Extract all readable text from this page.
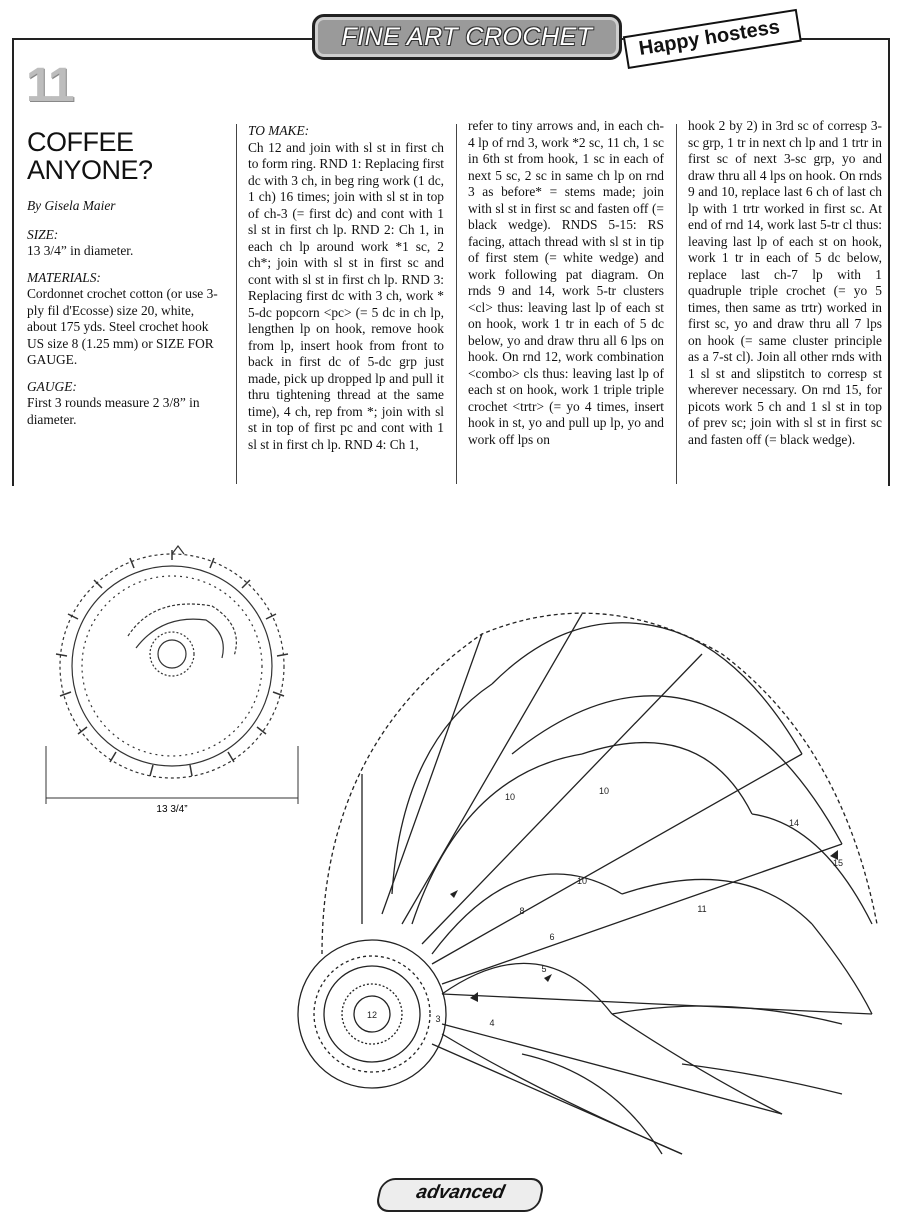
FINE ART CROCHET	Happy hostess
11
COFFEE
ANYONE?
By Gisela Maier
SIZE:
13 3/4” in diameter.
MATERIALS:
Cordonnet crochet cotton (or use 3-ply fil d'Ecosse) size 20, white, about 175 yds. Steel crochet hook US size 8 (1.25 mm) or SIZE FOR GAUGE.
GAUGE:
First 3 rounds measure 2 3/8” in diameter.
TO MAKE:
Ch 12 and join with sl st in first ch to form ring. RND 1: Replacing first dc with 3 ch, in beg ring work (1 dc, 1 ch) 16 times; join with sl st in top of ch-3 (= first dc) and cont with 1 sl st in first ch lp. RND 2: Ch 1, in each ch lp around work *1 sc, 2 ch*; join with sl st in first sc and cont with sl st in first ch lp. RND 3: Replacing first dc with 3 ch, work * 5-dc popcorn <pc> (= 5 dc in ch lp, lengthen lp on hook, remove hook from lp, insert hook from front to back in first dc of 5-dc grp just made, pick up dropped lp and pull it thru tightening thread at the same time), 4 ch, rep from *; join with sl st in top of first pc and cont with 1 sl st in first ch lp. RND 4: Ch 1,
refer to tiny arrows and, in each ch-4 lp of rnd 3, work *2 sc, 11 ch, 1 sc in 6th st from hook, 1 sc in each of next 5 sc, 2 sc in same ch lp on rnd 3 as before* = stems made; join with sl st in first sc and fasten off (= black wedge). RNDS 5-15: RS facing, attach thread with sl st in tip of first stem (= white wedge) and work following pat diagram. On rnds 9 and 14, work 5-tr clusters <cl> thus: leaving last lp of each st on hook, work 1 tr in each of 5 dc below, yo and draw thru all 6 lps on hook. On rnd 12, work combination <combo> cls thus: leaving last lp of each st on hook, work 1 triple triple crochet <trtr> (= yo 4 times, insert hook in st, yo and pull up lp, yo and work off lps on
hook 2 by 2) in 3rd sc of corresp 3-sc grp, 1 tr in next ch lp and 1 trtr in first sc of next 3-sc grp, yo and draw thru all 4 lps on hook. On rnds 9 and 10, replace last 6 ch of last ch lp with 1 trtr worked in first sc. At end of rnd 14, work last 5-tr cl thus: leaving last lp of each st on hook, work 1 tr in each of 5 dc below, replace last ch-7 lp with 1 quadruple triple crochet (= yo 5 times, then same as trtr) worked in first sc, yo and draw thru all 7 lps on hook (= same cluster principle as a 7-st cl). Join all other rnds with 1 sl st and slipstitch to corresp st wherever necessary. On rnd 15, for picots work 5 ch and 1 sl st in top of prev sc; join with sl st in first sc and fasten off (= black wedge).
13 3/4”
12	3	4
5
6
8
10
10
10
11
14
15
advanced
